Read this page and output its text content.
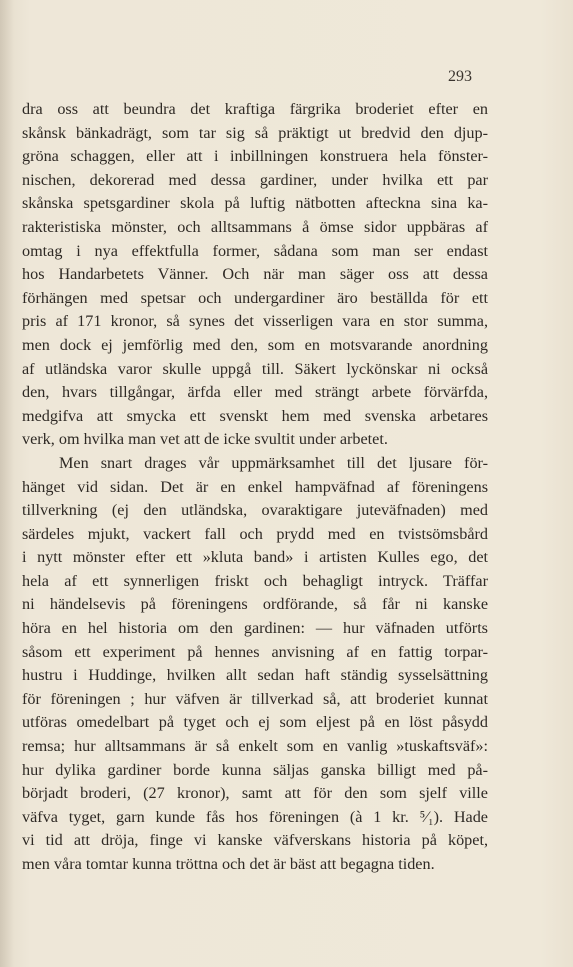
293
dra oss att beundra det kraftiga färgrika broderiet efter en
skånsk bänkadrägt, som tar sig så präktigt ut bredvid den djup-
gröna schaggen, eller att i inbillningen konstruera hela fönster-
nischen, dekorerad med dessa gardiner, under hvilka ett par
skånska spetsgardiner skola på luftig nätbotten afteckna sina ka-
rakteristiska mönster, och alltsammans å ömse sidor uppbäras af
omtag i nya effektfulla former, sådana som man ser endast
hos Handarbetets Vänner. Och när man säger oss att dessa
förhängen med spetsar och undergardiner äro beställda för ett
pris af 171 kronor, så synes det visserligen vara en stor summa,
men dock ej jemförlig med den, som en motsvarande anordning
af utländska varor skulle uppgå till. Säkert lyckönskar ni också
den, hvars tillgångar, ärfda eller med strängt arbete förvärfda,
medgifva att smycka ett svenskt hem med svenska arbetares
verk, om hvilka man vet att de icke svultit under arbetet.
Men snart drages vår uppmärksamhet till det ljusare för-
hänget vid sidan. Det är en enkel hampväfnad af föreningens
tillverkning (ej den utländska, ovaraktigare juteväfnaden) med
särdeles mjukt, vackert fall och prydd med en tvistsömsbård
i nytt mönster efter ett »kluta band» i artisten Kulles ego, det
hela af ett synnerligen friskt och behagligt intryck. Träffar
ni händelsevis på föreningens ordförande, så får ni kanske
höra en hel historia om den gardinen: — hur väfnaden utförts
såsom ett experiment på hennes anvisning af en fattig torpar-
hustru i Huddinge, hvilken allt sedan haft ständig sysselsättning
för föreningen ; hur väfven är tillverkad så, att broderiet kunnat
utföras omedelbart på tyget och ej som eljest på en löst påsydd
remsa; hur alltsammans är så enkelt som en vanlig »tuskaftsväf»:
hur dylika gardiner borde kunna säljas ganska billigt med på-
börjadt broderi, (27 kronor), samt att för den som sjelf ville
väfva tyget, garn kunde fås hos föreningen (à 1 kr. ⁵⁄₁). Hade
vi tid att dröja, finge vi kanske väfverskans historia på köpet,
men våra tomtar kunna tröttna och det är bäst att begagna tiden.
